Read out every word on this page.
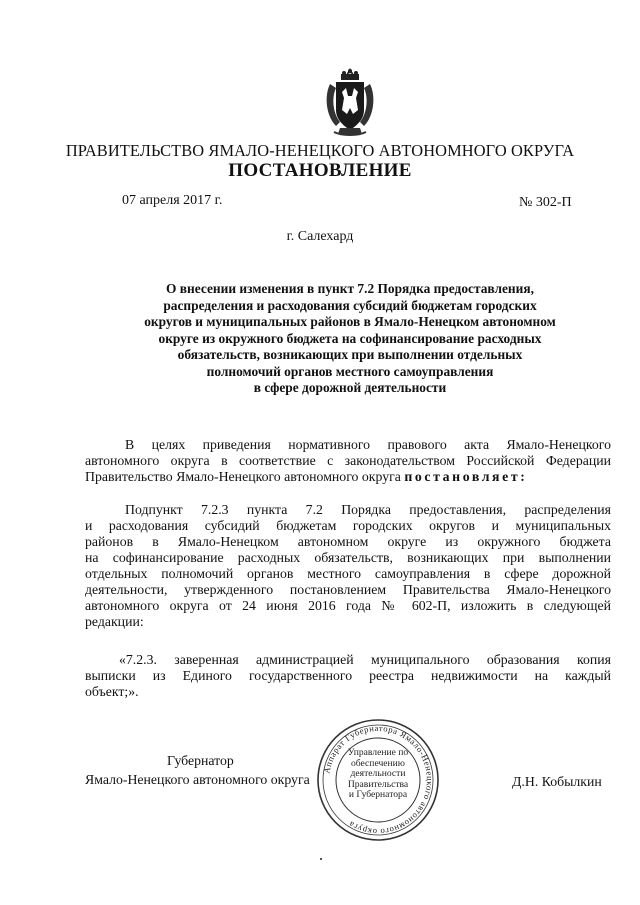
ПРАВИТЕЛЬСТВО ЯМАЛО-НЕНЕЦКОГО АВТОНОМНОГО ОКРУГА
ПОСТАНОВЛЕНИЕ
07 апреля 2017 г.	№ 302-П
г. Салехард
О внесении изменения в пункт 7.2 Порядка предоставления,
распределения и расходования субсидий бюджетам городских
округов и муниципальных районов в Ямало-Ненецком автономном
округе из окружного бюджета на софинансирование расходных
обязательств, возникающих при выполнении отдельных
полномочий органов местного самоуправления
в сфере дорожной деятельности
В целях приведения нормативного правового акта Ямало-Ненецкого
автономного округа в соответствие с законодательством Российской Федерации
Правительство Ямало-Ненецкого автономного округа постановляет:
Подпункт 7.2.3 пункта 7.2 Порядка предоставления, распределения
и расходования субсидий бюджетам городских округов и муниципальных
районов в Ямало-Ненецком автономном округе из окружного бюджета
на софинансирование расходных обязательств, возникающих при выполнении
отдельных полномочий органов местного самоуправления в сфере дорожной
деятельности, утвержденного постановлением Правительства Ямало-Ненецкого
автономного округа от 24 июня 2016 года № 602-П, изложить в следующей
редакции:
«7.2.3. заверенная администрацией муниципального образования копия
выписки из Единого государственного реестра недвижимости на каждый
объект;».
Губернатор
Ямало-Ненецкого автономного округа	Д.Н. Кобылкин
Аппарат Губернатора Ямало-Ненецкого автономного округа
Управление по
обеспечению
деятельности
Правительства
и Губернатора
